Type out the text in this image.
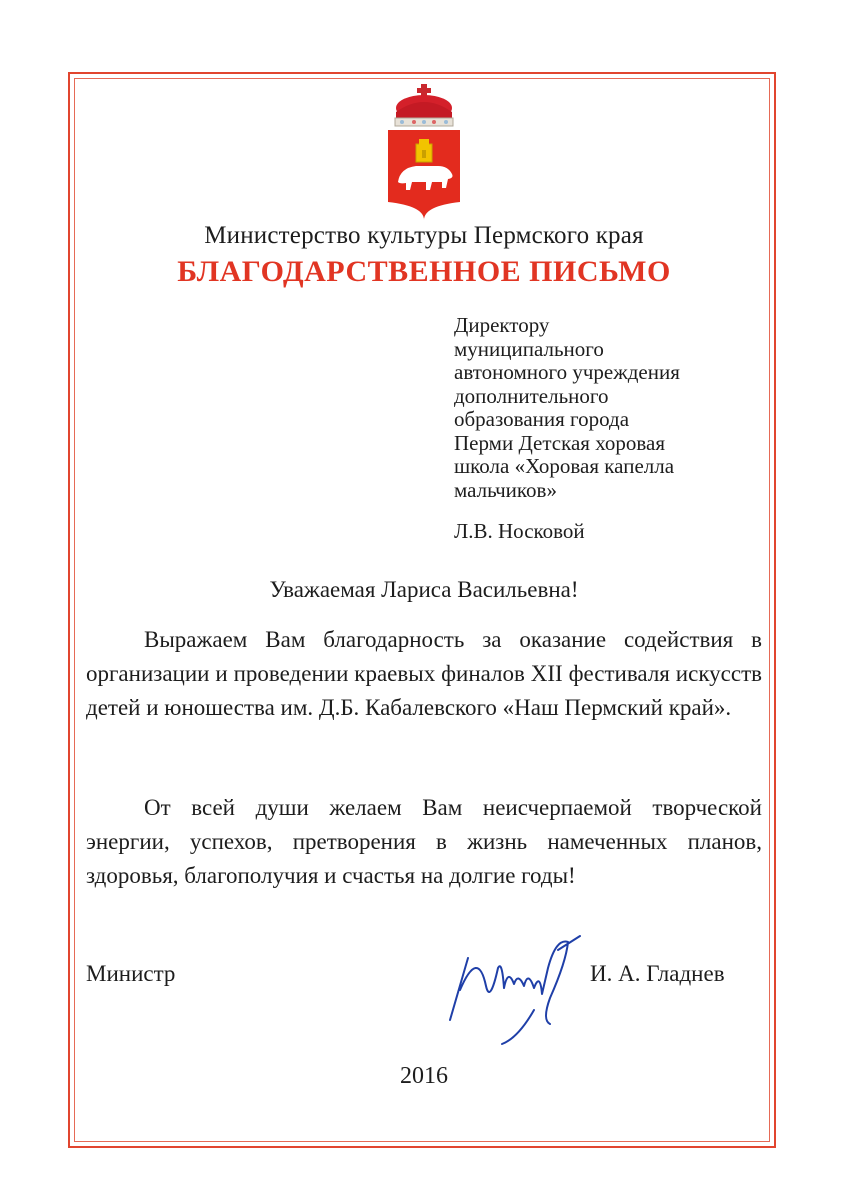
Министерство культуры Пермского края
БЛАГОДАРСТВЕННОЕ ПИСЬМО
Директору
муниципального
автономного учреждения
дополнительного
образования города
Перми Детская хоровая
школа «Хоровая капелла
мальчиков»
Л.В. Носковой
Уважаемая Лариса Васильевна!

Выражаем Вам благодарность за оказание содействия в организации и проведении краевых финалов XII фестиваля искусств детей и юношества им. Д.Б. Кабалевского «Наш Пермский край».

От всей души желаем Вам неисчерпаемой творческой энергии, успехов, претворения в жизнь намеченных планов, здоровья, благополучия и счастья на долгие годы!

Министр	И. А. Гладнев
2016
